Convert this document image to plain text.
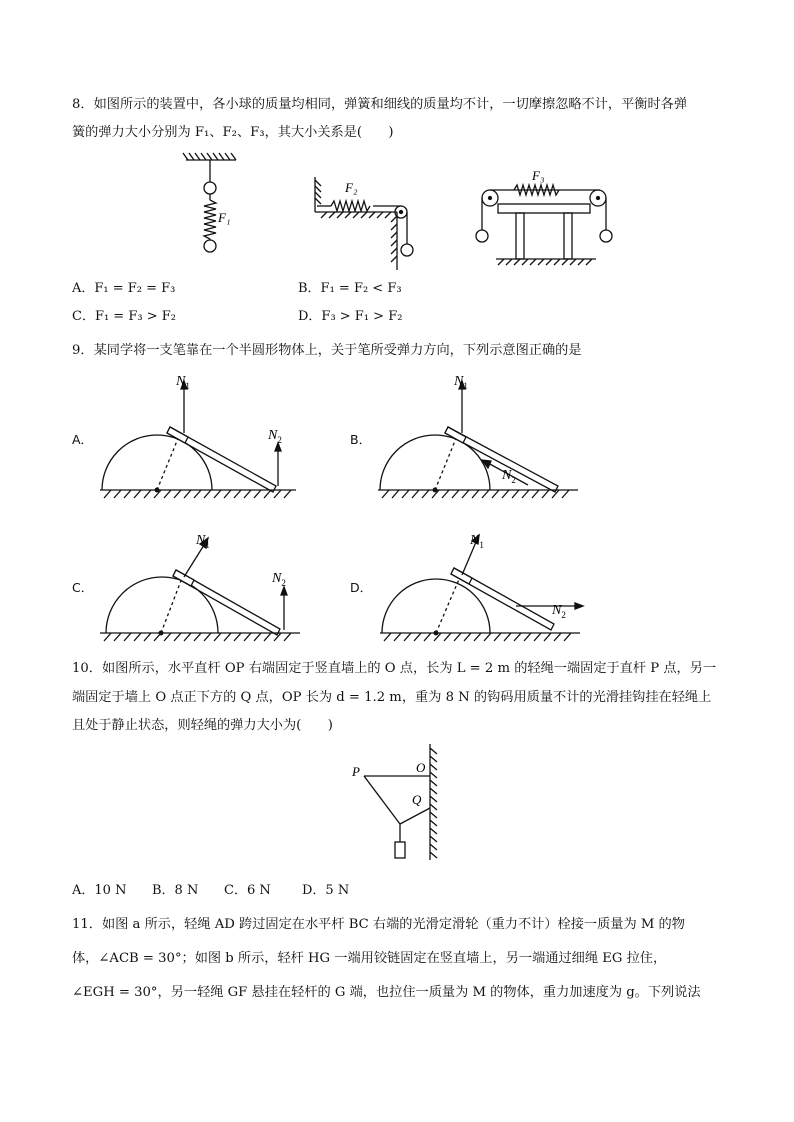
8．如图所示的装置中，各小球的质量均相同，弹簧和细线的质量均不计，一切摩擦忽略不计，平衡时各弹
簧的弹力大小分别为 F₁、F₂、F₃，其大小关系是(　　)
F₁
F₂
F₃
A．F₁ = F₂ = F₃	B．F₁ = F₂ < F₃
C．F₁ = F₃ > F₂	D．F₃ > F₁ > F₂
9．某同学将一支笔靠在一个半圆形物体上，关于笔所受弹力方向，下列示意图正确的是
A．	B．
C．	D．
$N_1$
$N_2$
$N_1$
$N_2$
$N_1$
$N_2$
$N_1$
$N_2$
10．如图所示，水平直杆 OP 右端固定于竖直墙上的 O 点，长为 L = 2 m 的轻绳一端固定于直杆 P 点，另一
端固定于墙上 O 点正下方的 Q 点，OP 长为 d = 1.2 m，重为 8 N 的钩码用质量不计的光滑挂钩挂在轻绳上
且处于静止状态，则轻绳的弹力大小为(　　)
P	O
Q
A．10 N B．8 N C．6 N D．5 N
11．如图 a 所示，轻绳 AD 跨过固定在水平杆 BC 右端的光滑定滑轮（重力不计）栓接一质量为 M 的物
体，∠ACB = 30°；如图 b 所示，轻杆 HG 一端用铰链固定在竖直墙上，另一端通过细绳 EG 拉住，
∠EGH = 30°，另一轻绳 GF 悬挂在轻杆的 G 端，也拉住一质量为 M 的物体，重力加速度为 g。下列说法
